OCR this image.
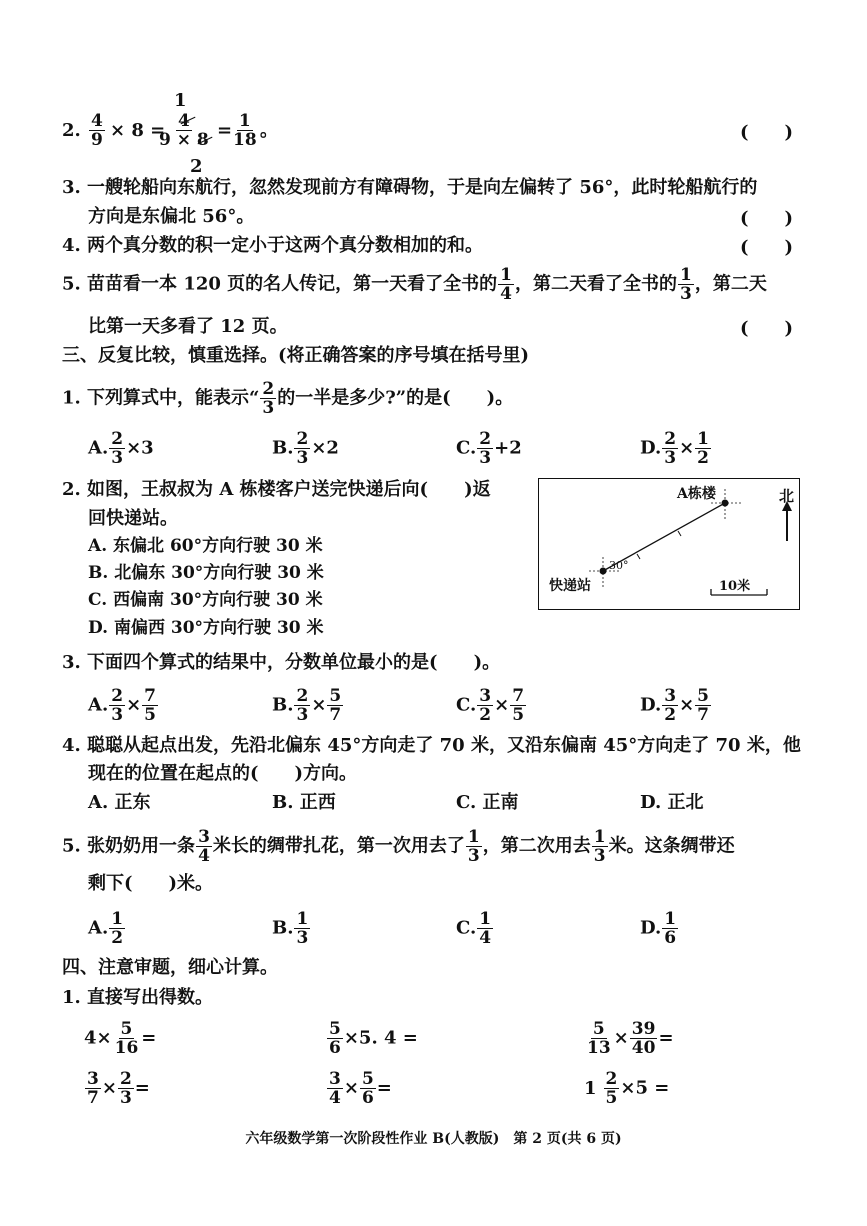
2. $\frac{4}{9} \times 8$ =
1
$\frac{4}{9 \times 8}$
2
=
$\frac{1}{18}$ 。	(　　)
3. 一艘轮船向东航行，忽然发现前方有障碍物，于是向左偏转了 56°，此时轮船航行的
方向是东偏北 56°。	(　　)
4. 两个真分数的积一定小于这两个真分数相加的和。	(　　)
5. 苗苗看一本 120 页的名人传记，第一天看了全书的 $\frac{1}{4}$ ，第二天看了全书的 $\frac{1}{3}$ ，第二天
比第一天多看了 12 页。	(　　)
三、反复比较，慎重选择。(将正确答案的序号填在括号里)
1. 下列算式中，能表示“ $\frac{2}{3}$ 的一半是多少?”的是(　　)。
A. $\frac{2}{3} \times 3$	B. $\frac{2}{3} \times 2$	C. $\frac{2}{3} +2$	D. $\frac{2}{3} \times \frac{1}{2}$
2. 如图，王叔叔为 A 栋楼客户送完快递后向(　　)返
回快递站。
A. 东偏北 60°方向行驶 30 米
B. 北偏东 30°方向行驶 30 米
C. 西偏南 30°方向行驶 30 米
D. 南偏西 30°方向行驶 30 米
A栋楼	北
快递站
30°
10米
3. 下面四个算式的结果中，分数单位最小的是(　　)。
A. $\frac{2}{3} \times \frac{7}{5}$	B. $\frac{2}{3} \times \frac{5}{7}$	C. $\frac{3}{2} \times \frac{7}{5}$	D. $\frac{3}{2} \times \frac{5}{7}$
4. 聪聪从起点出发，先沿北偏东 45°方向走了 70 米，又沿东偏南 45°方向走了 70 米，他
现在的位置在起点的(　　)方向。
A. 正东	B. 正西	C. 正南	D. 正北
5. 张奶奶用一条 $\frac{3}{4}$ 米长的绸带扎花，第一次用去了 $\frac{1}{3}$ ，第二次用去 $\frac{1}{3}$ 米。这条绸带还
剩下(　　)米。
A. $\frac{1}{2}$	B. $\frac{1}{3}$	C. $\frac{1}{4}$	D. $\frac{1}{6}$
四、注意审题，细心计算。
1. 直接写出得数。
$4\times \frac{5}{16}$ =	$\frac{5}{6} \times 5$. 4 =	$\frac{5}{13} \times \frac{39}{40}$ =
$\frac{3}{7} \times \frac{2}{3}$ =	$\frac{3}{4} \times \frac{5}{6}$ =	$1 \frac{2}{5} \times 5$ =
六年级数学第一次阶段性作业 B(人教版)　第 2 页(共 6 页)
